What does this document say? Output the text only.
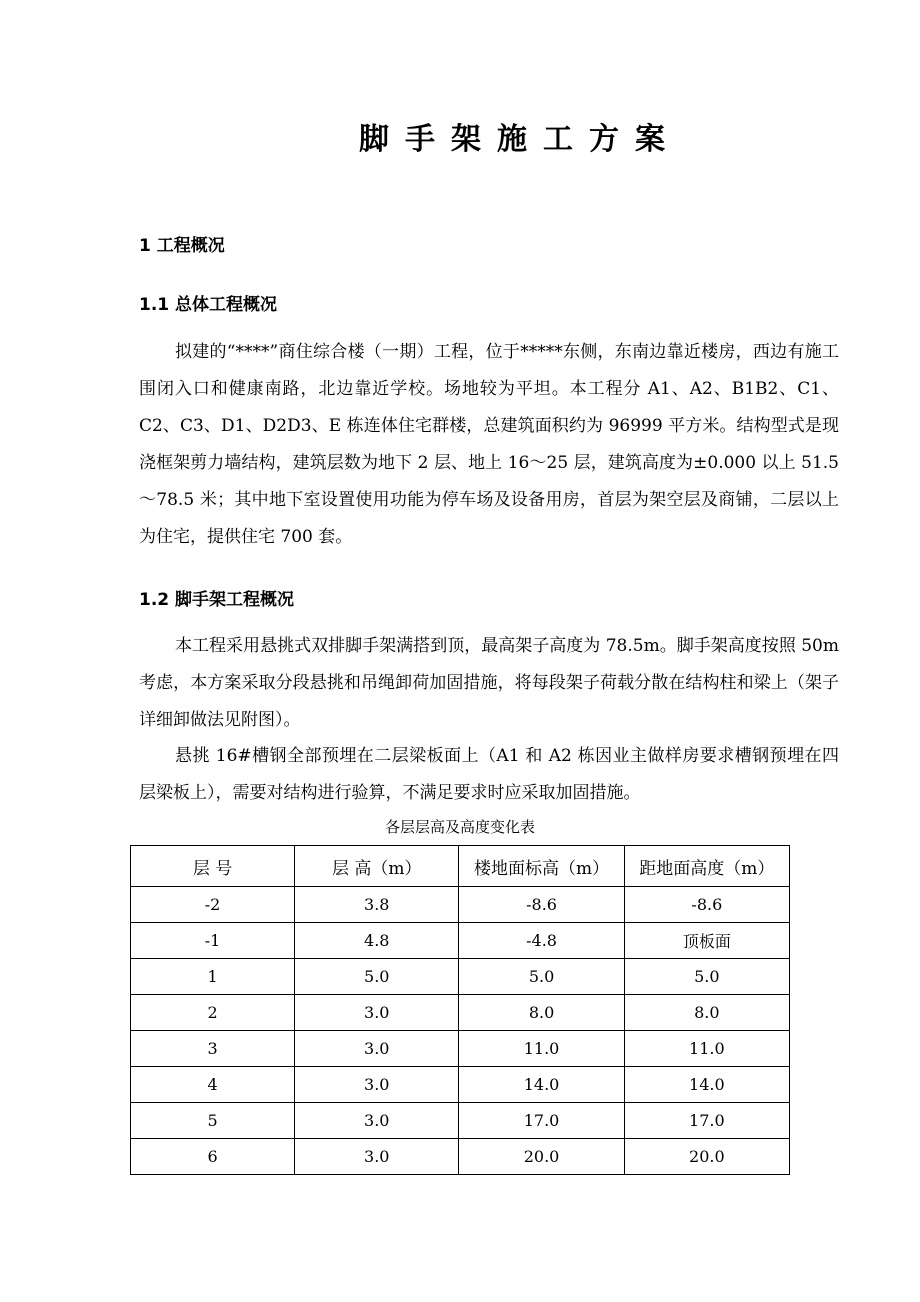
脚手架施工方案
1 工程概况
1.1 总体工程概况

拟建的“****”商住综合楼（一期）工程，位于*****东侧，东南边靠近楼房，西边有施工围闭入口和健康南路，北边靠近学校。场地较为平坦。本工程分 A1、A2、B1B2、C1、C2、C3、D1、D2D3、E 栋连体住宅群楼，总建筑面积约为 96999 平方米。结构型式是现浇框架剪力墙结构，建筑层数为地下 2 层、地上 16～25 层，建筑高度为±0.000 以上 51.5～78.5 米；其中地下室设置使用功能为停车场及设备用房，首层为架空层及商铺，二层以上为住宅，提供住宅 700 套。

1.2 脚手架工程概况

本工程采用悬挑式双排脚手架满搭到顶，最高架子高度为 78.5m。脚手架高度按照 50m 考虑，本方案采取分段悬挑和吊绳卸荷加固措施，将每段架子荷载分散在结构柱和梁上（架子详细卸做法见附图）。

悬挑 16#槽钢全部预埋在二层梁板面上（A1 和 A2 栋因业主做样房要求槽钢预埋在四层梁板上），需要对结构进行验算，不满足要求时应采取加固措施。

各层层高及高度变化表
层 号	层 高（m）	楼地面标高（m）	距地面高度（m）
-2	3.8	-8.6	-8.6
-1	4.8	-4.8	顶板面
1	5.0	5.0	5.0
2	3.0	8.0	8.0
3	3.0	11.0	11.0
4	3.0	14.0	14.0
5	3.0	17.0	17.0
6	3.0	20.0	20.0
